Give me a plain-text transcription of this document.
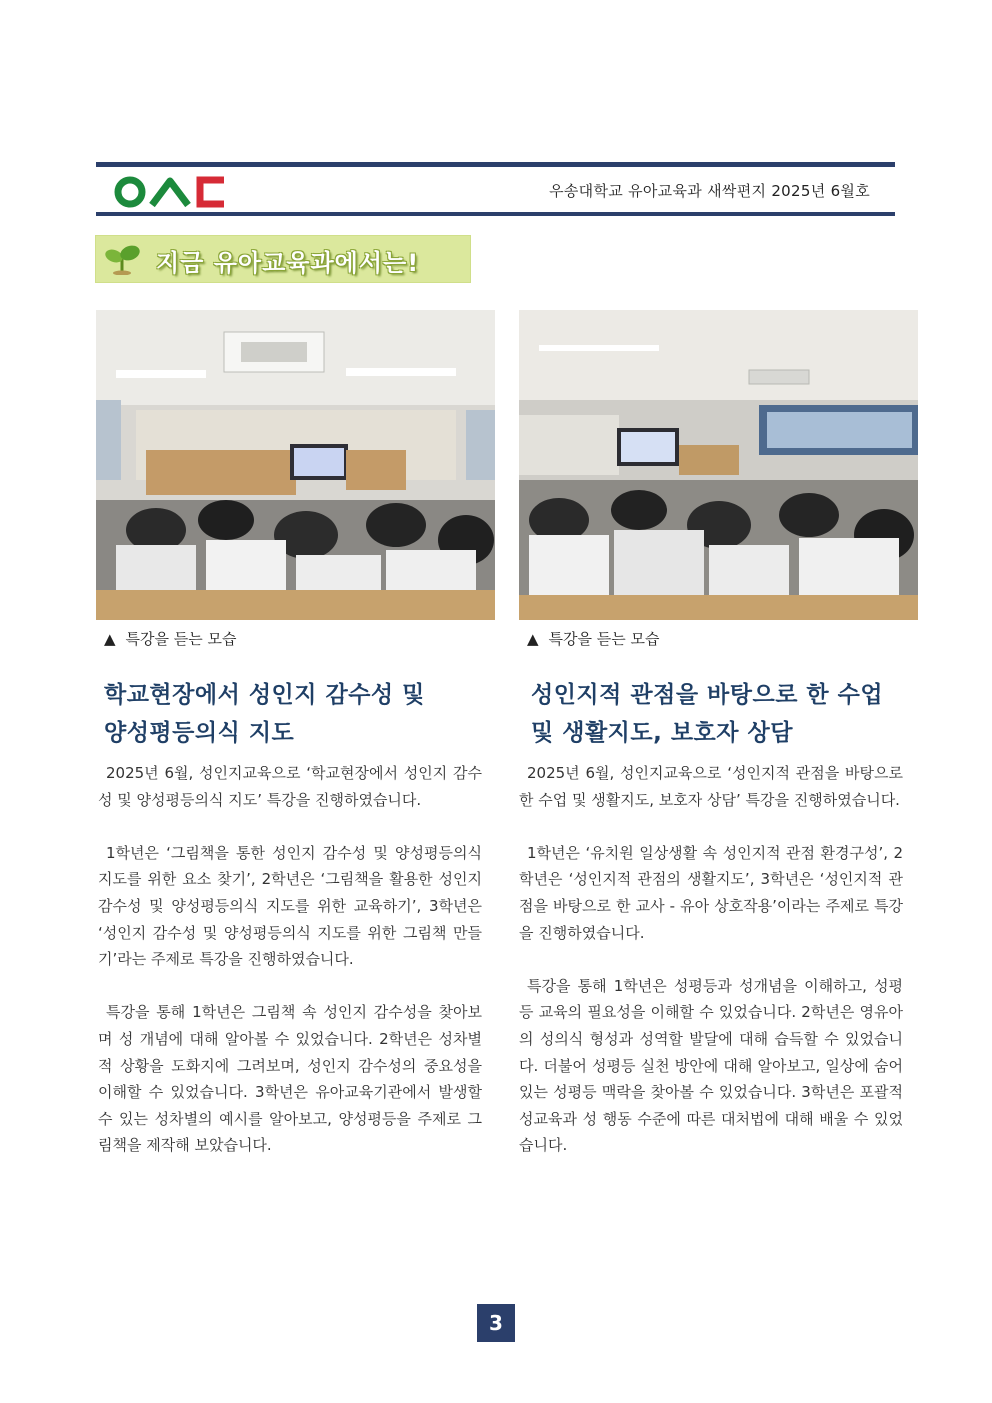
우송대학교 유아교육과 새싹편지 2025년 6월호
지금 유아교육과에서는!
▲ 특강을 듣는 모습	▲ 특강을 듣는 모습
학교현장에서 성인지 감수성 및
양성평등의식 지도
성인지적 관점을 바탕으로 한 수업
및 생활지도, 보호자 상담

2025년 6월, 성인지교육으로 ‘학교현장에서 성인지 감수성 및 양성평등의식 지도’ 특강을 진행하였습니다.

1학년은 ‘그림책을 통한 성인지 감수성 및 양성평등의식 지도를 위한 요소 찾기’, 2학년은 ‘그림책을 활용한 성인지 감수성 및 양성평등의식 지도를 위한 교육하기’, 3학년은 ‘성인지 감수성 및 양성평등의식 지도를 위한 그림책 만들기’라는 주제로 특강을 진행하였습니다.

특강을 통해 1학년은 그림책 속 성인지 감수성을 찾아보며 성 개념에 대해 알아볼 수 있었습니다. 2학년은 성차별적 상황을 도화지에 그려보며, 성인지 감수성의 중요성을 이해할 수 있었습니다. 3학년은 유아교육기관에서 발생할 수 있는 성차별의 예시를 알아보고, 양성평등을 주제로 그림책을 제작해 보았습니다.

2025년 6월, 성인지교육으로 ‘성인지적 관점을 바탕으로 한 수업 및 생활지도, 보호자 상담’ 특강을 진행하였습니다.

1학년은 ‘유치원 일상생활 속 성인지적 관점 환경구성’, 2학년은 ‘성인지적 관점의 생활지도’, 3학년은 ‘성인지적 관점을 바탕으로 한 교사 - 유아 상호작용’이라는 주제로 특강을 진행하였습니다.

특강을 통해 1학년은 성평등과 성개념을 이해하고, 성평등 교육의 필요성을 이해할 수 있었습니다. 2학년은 영유아의 성의식 형성과 성역할 발달에 대해 습득할 수 있었습니다. 더불어 성평등 실천 방안에 대해 알아보고, 일상에 숨어 있는 성평등 맥락을 찾아볼 수 있었습니다. 3학년은 포괄적 성교육과 성 행동 수준에 따른 대처법에 대해 배울 수 있었습니다.

3
